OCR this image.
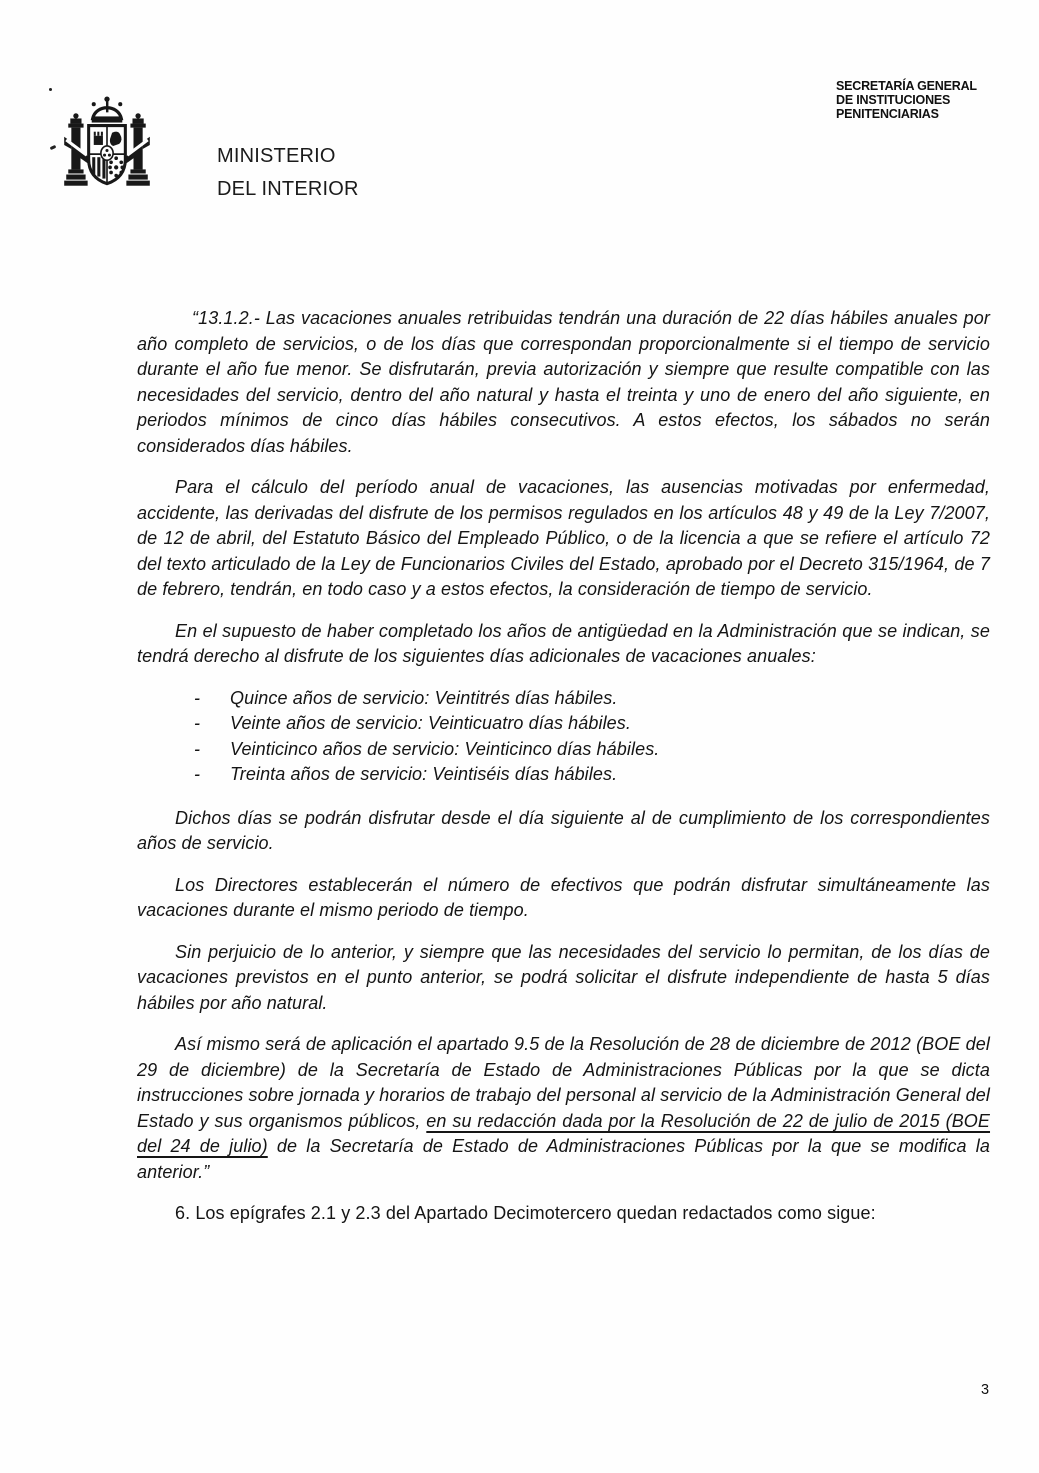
MINISTERIO
DEL INTERIOR
SECRETARÍA GENERAL
DE INSTITUCIONES
PENITENCIARIAS

“13.1.2.- Las vacaciones anuales retribuidas tendrán una duración de 22 días hábiles anuales por año completo de servicios, o de los días que correspondan proporcionalmente si el tiempo de servicio durante el año fue menor. Se disfrutarán, previa autorización y siempre que resulte compatible con las necesidades del servicio, dentro del año natural y hasta el treinta y uno de enero del año siguiente, en periodos mínimos de cinco días hábiles consecutivos. A estos efectos, los sábados no serán considerados días hábiles.

Para el cálculo del período anual de vacaciones, las ausencias motivadas por enfermedad, accidente, las derivadas del disfrute de los permisos regulados en los artículos 48 y 49 de la Ley 7/2007, de 12 de abril, del Estatuto Básico del Empleado Público, o de la licencia a que se refiere el artículo 72 del texto articulado de la Ley de Funcionarios Civiles del Estado, aprobado por el Decreto 315/1964, de 7 de febrero, tendrán, en todo caso y a estos efectos, la consideración de tiempo de servicio.

En el supuesto de haber completado los años de antigüedad en la Administración que se indican, se tendrá derecho al disfrute de los siguientes días adicionales de vacaciones anuales:

- Quince años de servicio: Veintitrés días hábiles.
- Veinte años de servicio: Veinticuatro días hábiles.
- Veinticinco años de servicio: Veinticinco días hábiles.
- Treinta años de servicio: Veintiséis días hábiles.

Dichos días se podrán disfrutar desde el día siguiente al de cumplimiento de los correspondientes años de servicio.

Los Directores establecerán el número de efectivos que podrán disfrutar simultáneamente las vacaciones durante el mismo periodo de tiempo.

Sin perjuicio de lo anterior, y siempre que las necesidades del servicio lo permitan, de los días de vacaciones previstos en el punto anterior, se podrá solicitar el disfrute independiente de hasta 5 días hábiles por año natural.

Así mismo será de aplicación el apartado 9.5 de la Resolución de 28 de diciembre de 2012 (BOE del 29 de diciembre) de la Secretaría de Estado de Administraciones Públicas por la que se dicta instrucciones sobre jornada y horarios de trabajo del personal al servicio de la Administración General del Estado y sus organismos públicos, en su redacción dada por la Resolución de 22 de julio de 2015 (BOE del 24 de julio) de la Secretaría de Estado de Administraciones Públicas por la que se modifica la anterior.”

6. Los epígrafes 2.1 y 2.3 del Apartado Decimotercero quedan redactados como sigue:

3
